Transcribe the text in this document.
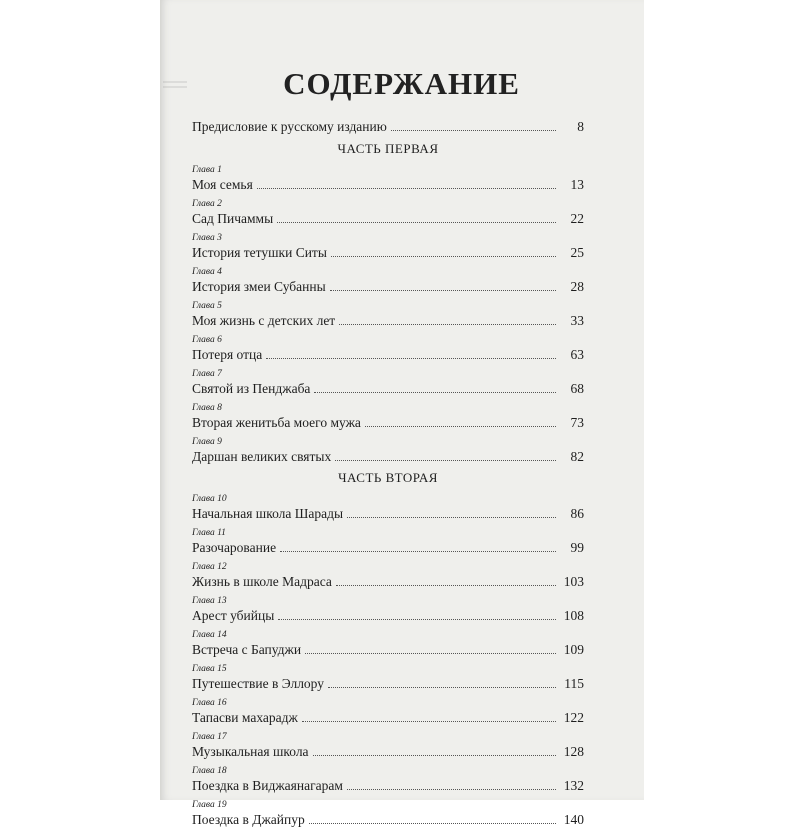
СОДЕРЖАНИЕ
Предисловие к русскому изданию	8
ЧАСТЬ ПЕРВАЯ
Глава 1
Моя семья	13
Глава 2
Сад Пичаммы	22
Глава 3
История тетушки Ситы	25
Глава 4
История змеи Субанны	28
Глава 5
Моя жизнь с детских лет	33
Глава 6
Потеря отца	63
Глава 7
Святой из Пенджаба	68
Глава 8
Вторая женитьба моего мужа	73
Глава 9
Даршан великих святых	82
ЧАСТЬ ВТОРАЯ
Глава 10
Начальная школа Шарады	86
Глава 11
Разочарование	99
Глава 12
Жизнь в школе Мадраса	103
Глава 13
Арест убийцы	108
Глава 14
Встреча с Бапуджи	109
Глава 15
Путешествие в Эллору	115
Глава 16
Тапасви махарадж	122
Глава 17
Музыкальная школа	128
Глава 18
Поездка в Виджаянагарам	132
Глава 19
Поездка в Джайпур	140
